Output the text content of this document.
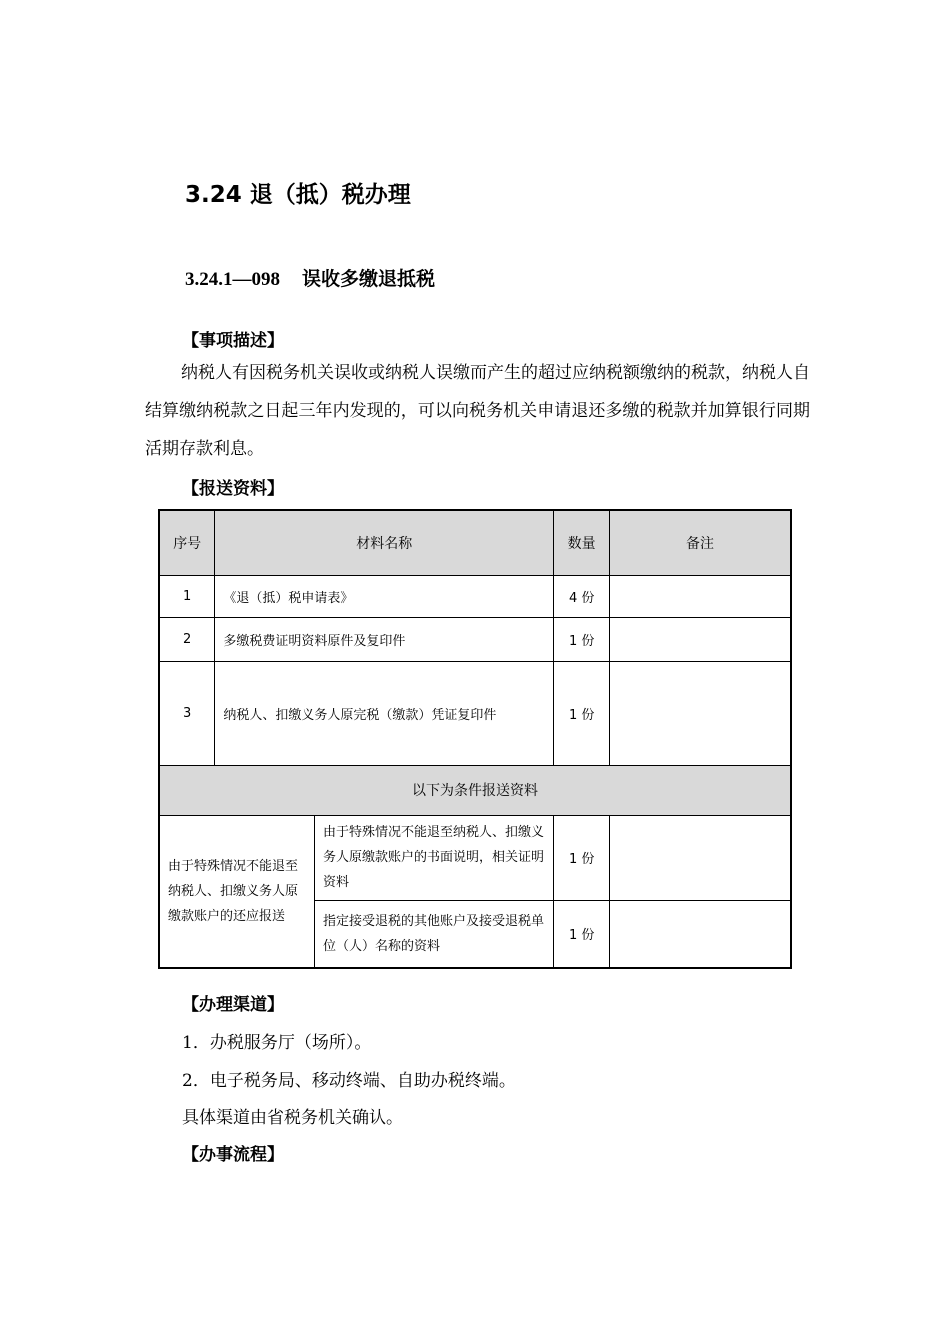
3.24 退（抵）税办理
3.24.1—098 误收多缴退抵税
【事项描述】
纳税人有因税务机关误收或纳税人误缴而产生的超过应纳税额缴纳的税款，纳税人自结算缴纳税款之日起三年内发现的，可以向税务机关申请退还多缴的税款并加算银行同期活期存款利息。
【报送资料】
序号	材料名称		数量	备注
1	《退（抵）税申请表》		4 份	
2	多缴税费证明资料原件及复印件		1 份	
3	纳税人、扣缴义务人原完税（缴款）凭证复印件		1 份	
以下为条件报送资料				
由于特殊情况不能退至纳税人、扣缴义务人原缴款账户的还应报送		由于特殊情况不能退至纳税人、扣缴义务人原缴款账户的书面说明，相关证明资料	1 份	
		指定接受退税的其他账户及接受退税单位（人）名称的资料	1 份	
【办理渠道】
1．办税服务厅（场所）。
2．电子税务局、移动终端、自助办税终端。
具体渠道由省税务机关确认。
【办事流程】
